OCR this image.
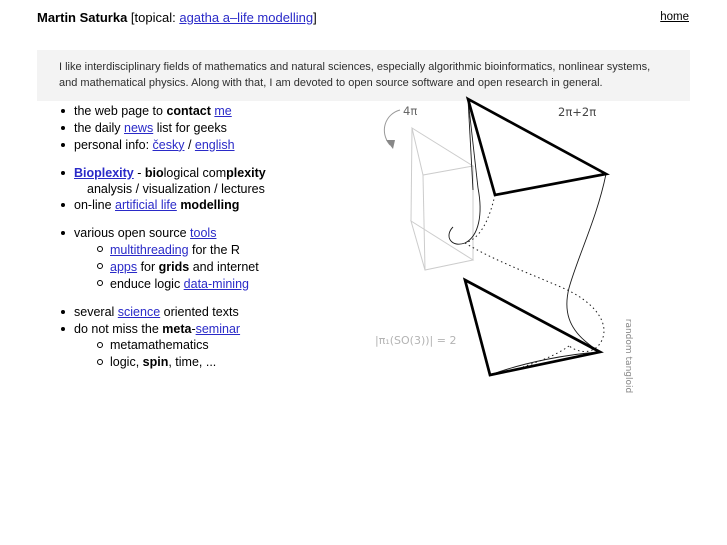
Martin Saturka [topical: agatha a–life modelling]	home
I like interdisciplinary fields of mathematics and natural sciences, especially algorithmic bioinformatics, nonlinear systems, and mathematical physics. Along with that, I am devoted to open source software and open research in general.
the web page to contact me
the daily news list for geeks
personal info: česky / english
Bioplexity - biological complexity
analysis / visualization / lectures
on-line artificial life modelling
various open source tools
multithreading for the R
apps for grids and internet
enduce logic data-mining
several science oriented texts
do not miss the meta-seminar
metamathematics
logic, spin, time, ...
4π	2π+2π
|π₁(SO(3))| = 2	random tangloid
